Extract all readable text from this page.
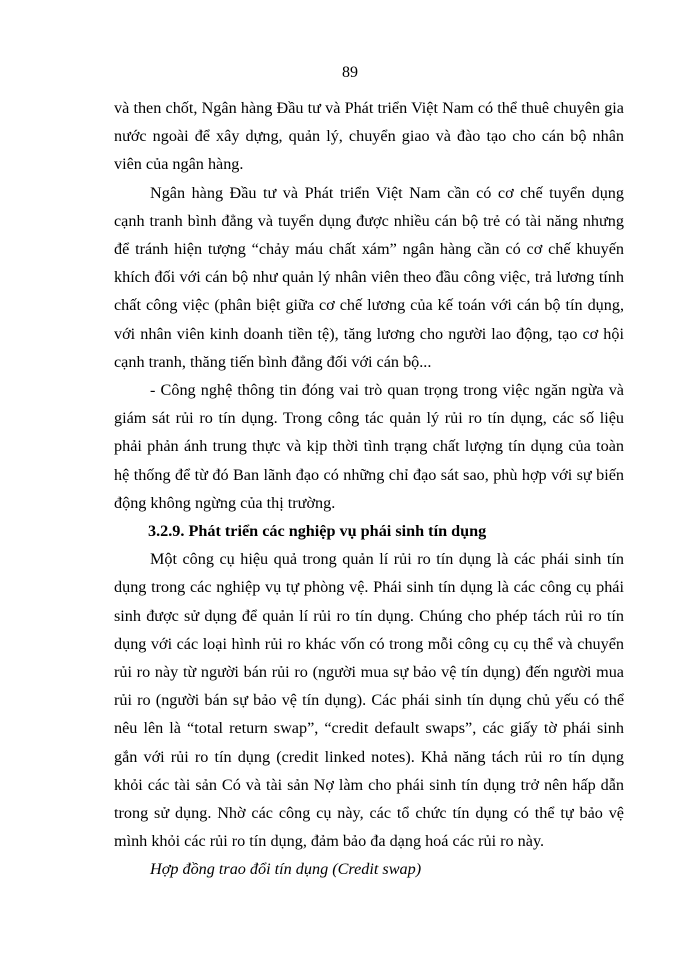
89

và then chốt, Ngân hàng Đầu tư và Phát triển Việt Nam có thể thuê chuyên gia nước ngoài để xây dựng, quản lý, chuyển giao và đào tạo cho cán bộ nhân viên của ngân hàng.

Ngân hàng Đầu tư và Phát triển Việt Nam cần có cơ chế tuyển dụng cạnh tranh bình đẳng và tuyển dụng được nhiều cán bộ trẻ có tài năng nhưng để tránh hiện tượng “chảy máu chất xám” ngân hàng cần có cơ chế khuyến khích đối với cán bộ như quản lý nhân viên theo đầu công việc, trả lương tính chất công việc (phân biệt giữa cơ chế lương của kế toán với cán bộ tín dụng, với nhân viên kinh doanh tiền tệ), tăng lương cho người lao động, tạo cơ hội cạnh tranh, thăng tiến bình đẳng đối với cán bộ...

- Công nghệ thông tin đóng vai trò quan trọng trong việc ngăn ngừa và giám sát rủi ro tín dụng. Trong công tác quản lý rủi ro tín dụng, các số liệu phải phản ánh trung thực và kịp thời tình trạng chất lượng tín dụng của toàn hệ thống để từ đó Ban lãnh đạo có những chỉ đạo sát sao, phù hợp với sự biến động không ngừng của thị trường.

3.2.9. Phát triển các nghiệp vụ phái sinh tín dụng

Một công cụ hiệu quả trong quản lí rủi ro tín dụng là các phái sinh tín dụng trong các nghiệp vụ tự phòng vệ. Phái sinh tín dụng là các công cụ phái sinh được sử dụng để quản lí rủi ro tín dụng. Chúng cho phép tách rủi ro tín dụng với các loại hình rủi ro khác vốn có trong mỗi công cụ cụ thể và chuyển rủi ro này từ người bán rủi ro (người mua sự bảo vệ tín dụng) đến người mua rủi ro (người bán sự bảo vệ tín dụng). Các phái sinh tín dụng chủ yếu có thể nêu lên là “total return swap”, “credit default swaps”, các giấy tờ phái sinh gắn với rủi ro tín dụng (credit linked notes). Khả năng tách rủi ro tín dụng khỏi các tài sản Có và tài sản Nợ làm cho phái sinh tín dụng trở nên hấp dẫn trong sử dụng. Nhờ các công cụ này, các tổ chức tín dụng có thể tự bảo vệ mình khỏi các rủi ro tín dụng, đảm bảo đa dạng hoá các rủi ro này.

Hợp đồng trao đổi tín dụng (Credit swap)
